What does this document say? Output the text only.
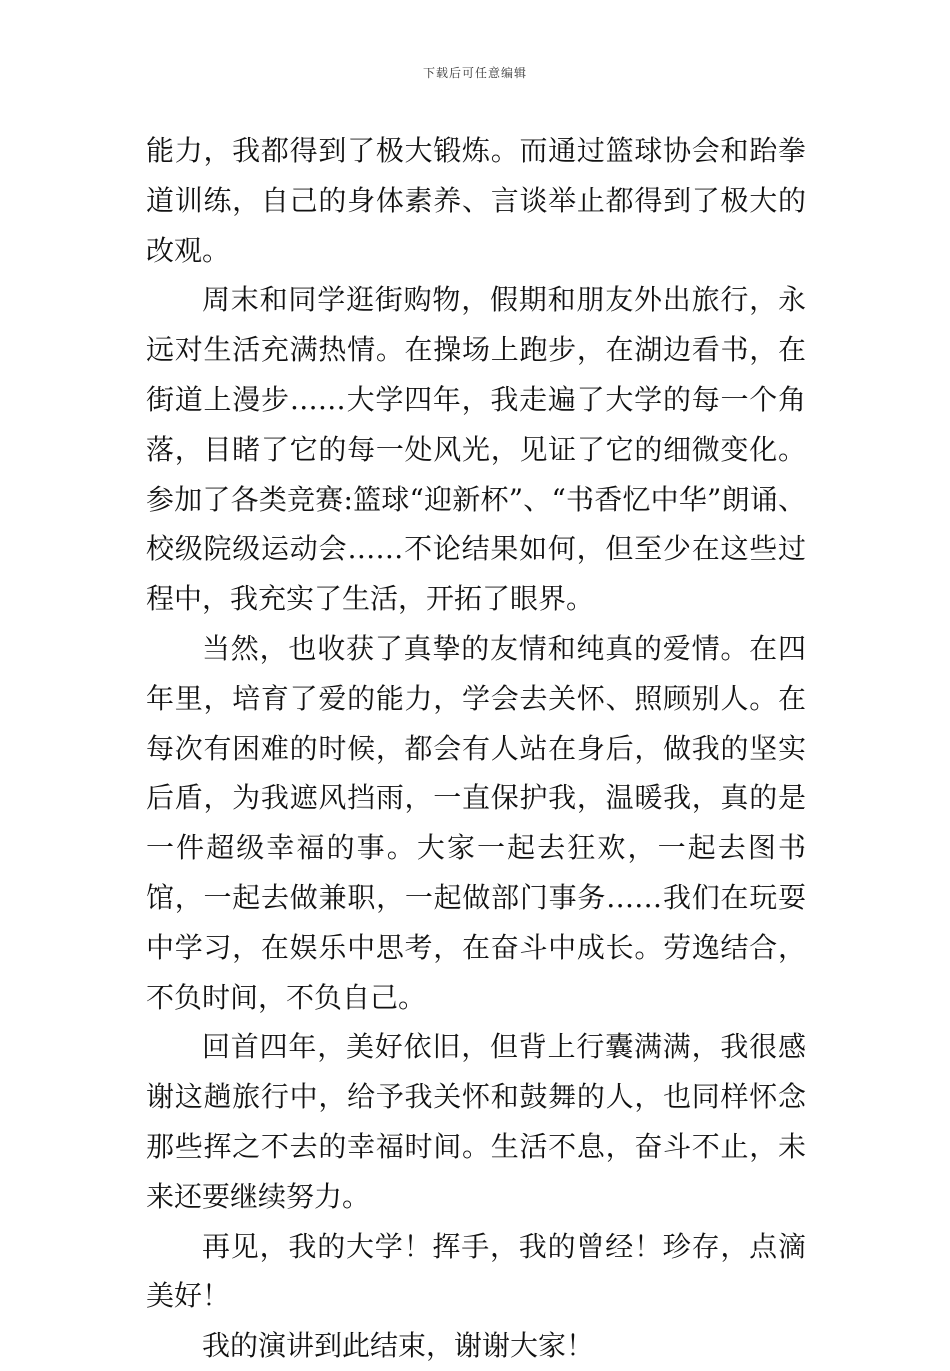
下载后可任意编辑

能力，我都得到了极大锻炼。而通过篮球协会和跆拳道训练，自己的身体素养、言谈举止都得到了极大的改观。

周末和同学逛街购物，假期和朋友外出旅行，永远对生活充满热情。在操场上跑步，在湖边看书，在街道上漫步……大学四年，我走遍了大学的每一个角落，目睹了它的每一处风光，见证了它的细微变化。参加了各类竞赛:篮球“迎新杯”、“书香忆中华”朗诵、校级院级运动会……不论结果如何，但至少在这些过程中，我充实了生活，开拓了眼界。

当然，也收获了真挚的友情和纯真的爱情。在四年里，培育了爱的能力，学会去关怀、照顾别人。在每次有困难的时候，都会有人站在身后，做我的坚实后盾，为我遮风挡雨，一直保护我，温暖我，真的是一件超级幸福的事。大家一起去狂欢，一起去图书馆，一起去做兼职，一起做部门事务……我们在玩耍中学习，在娱乐中思考，在奋斗中成长。劳逸结合，不负时间，不负自己。

回首四年，美好依旧，但背上行囊满满，我很感谢这趟旅行中，给予我关怀和鼓舞的人，也同样怀念那些挥之不去的幸福时间。生活不息，奋斗不止，未来还要继续努力。

再见，我的大学！挥手，我的曾经！珍存，点滴美好！

我的演讲到此结束，谢谢大家！
